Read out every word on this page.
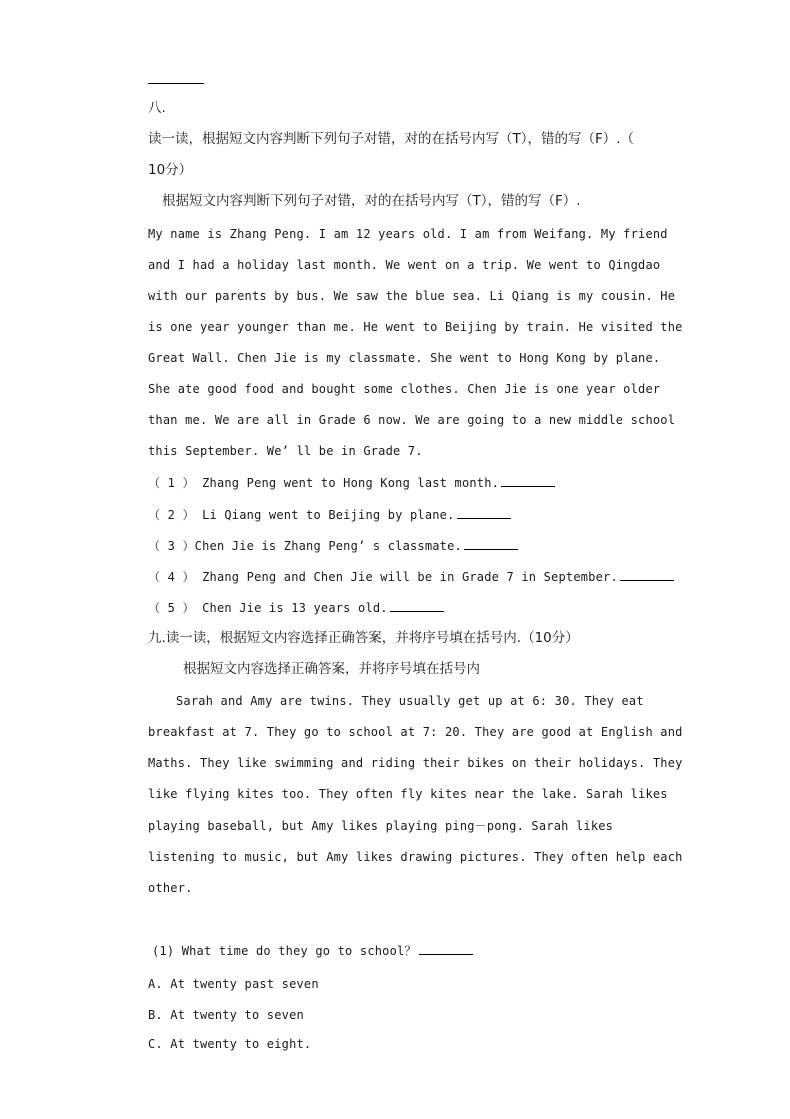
八.
读一读，根据短文内容判断下列句子对错，对的在括号内写（T），错的写（F）.（
10分）
根据短文内容判断下列句子对错，对的在括号内写（T），错的写（F）.
My name is Zhang Peng. I am 12 years old. I am from Weifang. My friend
and I had a holiday last month. We went on a trip. We went to Qingdao
with our parents by bus. We saw the blue sea. Li Qiang is my cousin. He
is one year younger than me. He went to Beijing by train. He visited the
Great Wall. Chen Jie is my classmate. She went to Hong Kong by plane.
She ate good food and bought some clothes. Chen Jie is one year older
than me. We are all in Grade 6 now. We are going to a new middle school
this September. We’ ll be in Grade 7.
（ 1 ） Zhang Peng went to Hong Kong last month.
（ 2 ） Li Qiang went to Beijing by plane.
（ 3 ）Chen Jie is Zhang Peng’ s classmate.
（ 4 ） Zhang Peng and Chen Jie will be in Grade 7 in September.
（ 5 ） Chen Jie is 13 years old.
九.读一读，根据短文内容选择正确答案，并将序号填在括号内.（10分）
根据短文内容选择正确答案，并将序号填在括号内
Sarah and Amy are twins. They usually get up at 6: 30. They eat
breakfast at 7. They go to school at 7: 20. They are good at English and
Maths. They like swimming and riding their bikes on their holidays. They
like flying kites too. They often fly kites near the lake. Sarah likes
playing baseball, but Amy likes playing ping－pong. Sarah likes
listening to music, but Amy likes drawing pictures. They often help each
other.
(1) What time do they go to school？
A. At twenty past seven
B. At twenty to seven
C. At twenty to eight.
